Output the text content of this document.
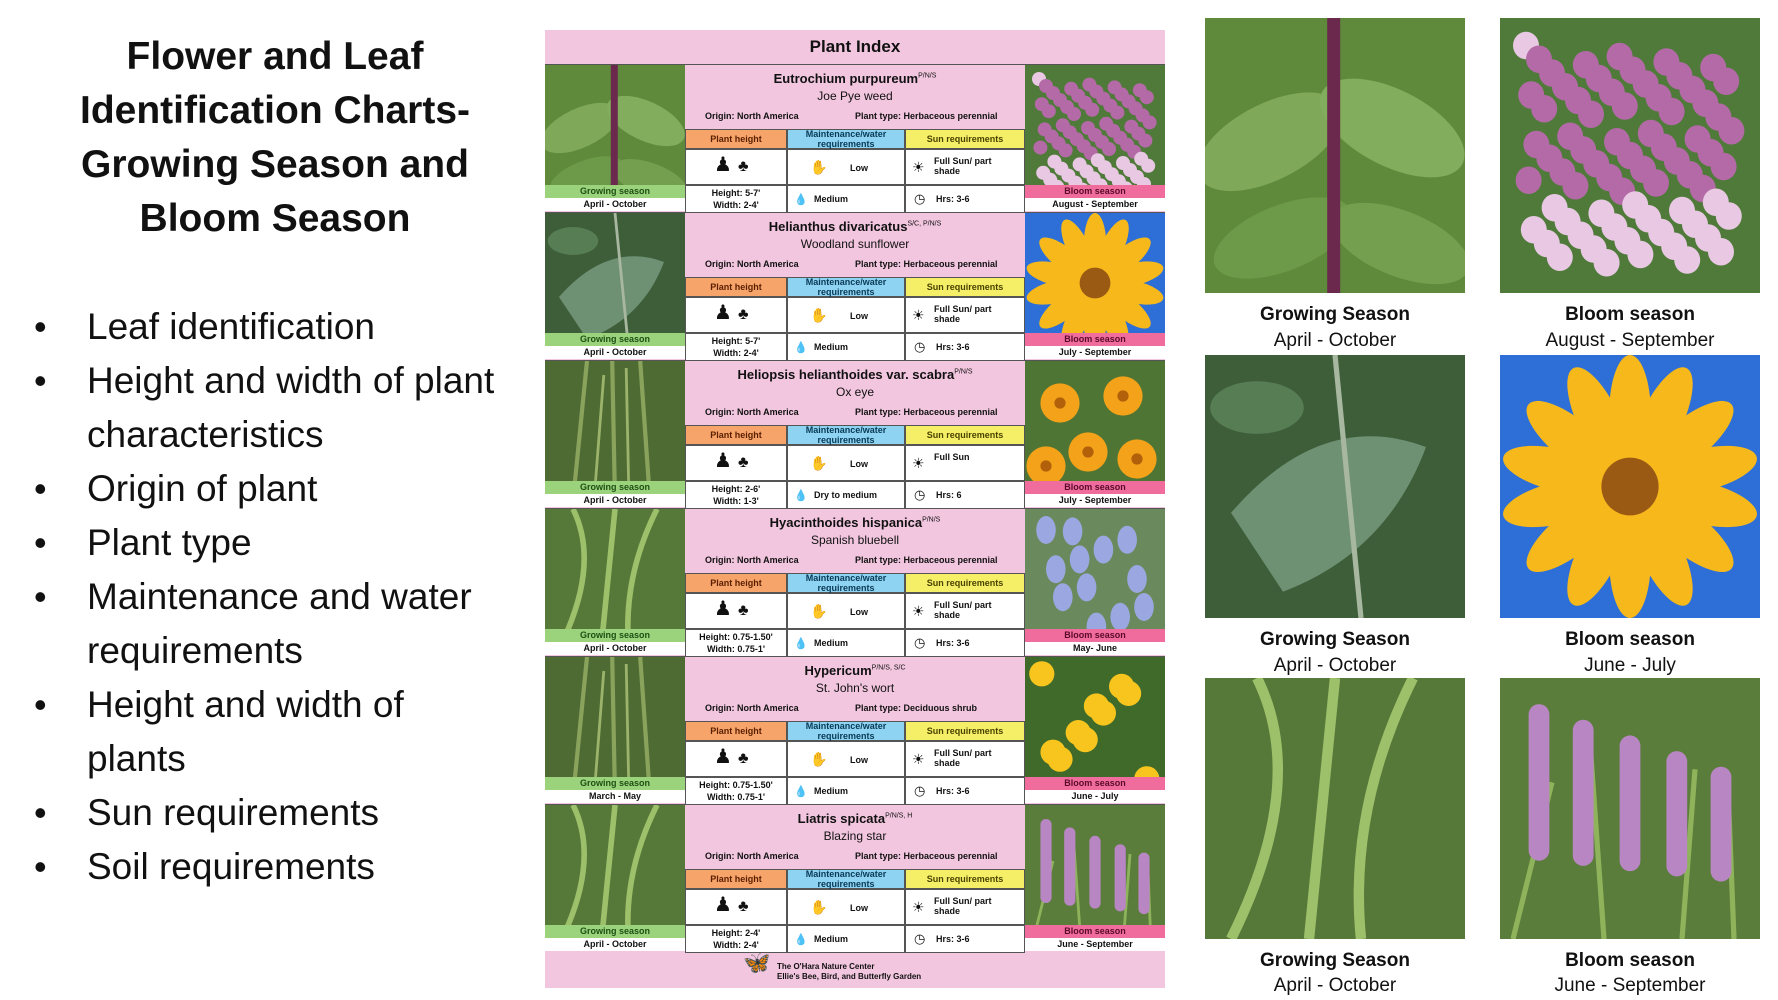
Flower and Leaf
Identification Charts-
Growing Season and
Bloom Season
• Leaf identification
• Height and width of plant characteristics
• Origin of plant
• Plant type
• Maintenance and water requirements
• Height and width of plants
• Sun requirements
• Soil requirements
Plant Index
Growing season
April - October
Bloom season
August - September
Eutrochium purpureum$^{P/N/S}$
Joe Pye weed
Origin: North America	Plant type: Herbaceous perennial
Plant height	Maintenance/water requirements	Sun requirements
♟ ♣	✋	Low	☀ Full Sun/ part shade
Height: 5-7'
Width: 2-4'	💧 Medium	◷ Hrs: 3-6
Growing season
April - October
Bloom season
July - September
Helianthus divaricatus$^{S/C, P/N/S}$
Woodland sunflower
Origin: North America	Plant type: Herbaceous perennial
Plant height	Maintenance/water requirements	Sun requirements
♟ ♣	✋	Low	☀ Full Sun/ part shade
Height: 5-7'
Width: 2-4'	💧 Medium	◷ Hrs: 3-6
Growing season
April - October
Bloom season
July - September
Heliopsis helianthoides var. scabra$^{P/N/S}$
Ox eye
Origin: North America	Plant type: Herbaceous perennial
Plant height	Maintenance/water requirements	Sun requirements
♟ ♣	✋	Low	☀ Full Sun
Height: 2-6'
Width: 1-3'	💧 Dry to medium	◷ Hrs: 6
Growing season
April - October
Bloom season
May- June
Hyacinthoides hispanica$^{P/N/S}$
Spanish bluebell
Origin: North America	Plant type: Herbaceous perennial
Plant height	Maintenance/water requirements	Sun requirements
♟ ♣	✋	Low	☀ Full Sun/ part shade
Height: 0.75-1.50'
Width: 0.75-1'	💧 Medium	◷ Hrs: 3-6
Growing season
March - May
Bloom season
June - July
Hypericum$^{P/N/S, S/C}$
St. John's wort
Origin: North America	Plant type: Deciduous shrub
Plant height	Maintenance/water requirements	Sun requirements
♟ ♣	✋	Low	☀ Full Sun/ part shade
Height: 0.75-1.50'
Width: 0.75-1'	💧 Medium	◷ Hrs: 3-6
Growing season
April - October
Bloom season
June - September
Liatris spicata$^{P/N/S, H}$
Blazing star
Origin: North America	Plant type: Herbaceous perennial
Plant height	Maintenance/water requirements	Sun requirements
♟ ♣	✋	Low	☀ Full Sun/ part shade
Height: 2-4'
Width: 2-4'	💧 Medium	◷ Hrs: 3-6
🦋 The O'Hara Nature Center
Ellie's Bee, Bird, and Butterfly Garden
Growing Season
April - October
Bloom season
August - September
Growing Season
April - October
Bloom season
June - July
Growing Season
April - October
Bloom season
June - September
